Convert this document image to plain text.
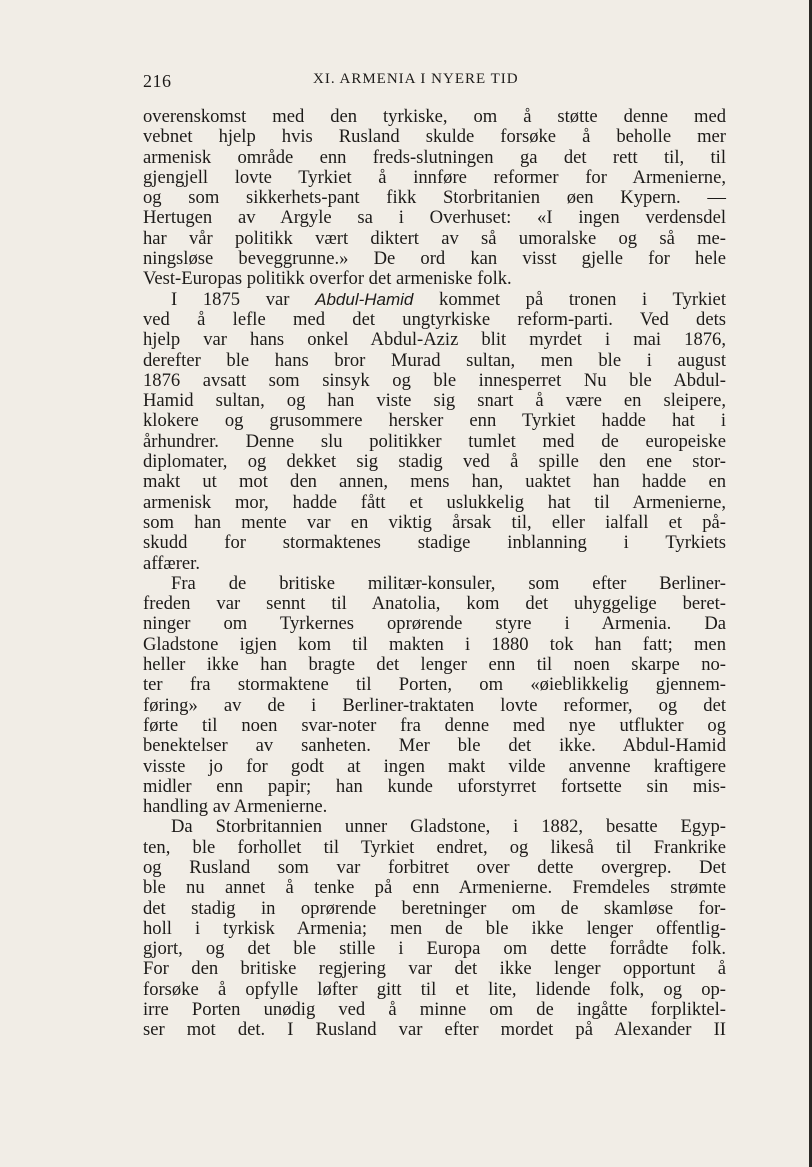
216	XI. ARMENIA I NYERE TID
overenskomst med den tyrkiske, om å støtte denne med
vebnet hjelp hvis Rusland skulde forsøke å beholle mer
armenisk område enn freds-slutningen ga det rett til, til
gjengjell lovte Tyrkiet å innføre reformer for Armenierne,
og som sikkerhets-pant fikk Storbritanien øen Kypern. —
Hertugen av Argyle sa i Overhuset: «I ingen verdensdel
har vår politikk vært diktert av så umoralske og så me-
ningsløse beveggrunne.» De ord kan visst gjelle for hele
Vest-Europas politikk overfor det armeniske folk.
I 1875 var Abdul-Hamid kommet på tronen i Tyrkiet
ved å lefle med det ungtyrkiske reform-parti. Ved dets
hjelp var hans onkel Abdul-Aziz blit myrdet i mai 1876,
derefter ble hans bror Murad sultan, men ble i august
1876 avsatt som sinsyk og ble innesperret Nu ble Abdul-
Hamid sultan, og han viste sig snart å være en sleipere,
klokere og grusommere hersker enn Tyrkiet hadde hat i
århundrer. Denne slu politikker tumlet med de europeiske
diplomater, og dekket sig stadig ved å spille den ene stor-
makt ut mot den annen, mens han, uaktet han hadde en
armenisk mor, hadde fått et uslukkelig hat til Armenierne,
som han mente var en viktig årsak til, eller ialfall et på-
skudd for stormaktenes stadige inblanning i Tyrkiets
affærer.
Fra de britiske militær-konsuler, som efter Berliner-
freden var sennt til Anatolia, kom det uhyggelige beret-
ninger om Tyrkernes oprørende styre i Armenia. Da
Gladstone igjen kom til makten i 1880 tok han fatt; men
heller ikke han bragte det lenger enn til noen skarpe no-
ter fra stormaktene til Porten, om «øieblikkelig gjennem-
føring» av de i Berliner-traktaten lovte reformer, og det
førte til noen svar-noter fra denne med nye utflukter og
benektelser av sanheten. Mer ble det ikke. Abdul-Hamid
visste jo for godt at ingen makt vilde anvenne kraftigere
midler enn papir; han kunde uforstyrret fortsette sin mis-
handling av Armenierne.
Da Storbritannien unner Gladstone, i 1882, besatte Egyp-
ten, ble forhollet til Tyrkiet endret, og likeså til Frankrike
og Rusland som var forbitret over dette overgrep. Det
ble nu annet å tenke på enn Armenierne. Fremdeles strømte
det stadig in oprørende beretninger om de skamløse for-
holl i tyrkisk Armenia; men de ble ikke lenger offentlig-
gjort, og det ble stille i Europa om dette forrådte folk.
For den britiske regjering var det ikke lenger opportunt å
forsøke å opfylle løfter gitt til et lite, lidende folk, og op-
irre Porten unødig ved å minne om de ingåtte forpliktel-
ser mot det. I Rusland var efter mordet på Alexander II
